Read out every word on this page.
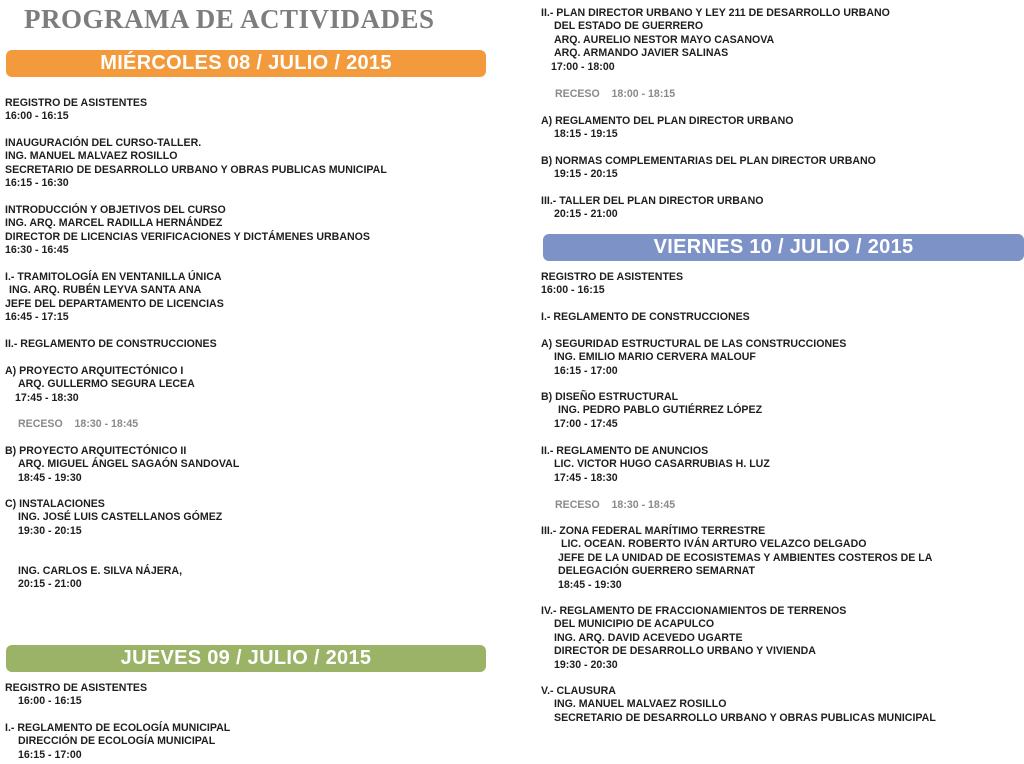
PROGRAMA DE ACTIVIDADES
MIÉRCOLES 08 / JULIO / 2015
JUEVES 09 / JULIO / 2015
VIERNES 10 / JULIO / 2015
REGISTRO DE ASISTENTES
16:00 - 16:15
INAUGURACIÓN DEL CURSO-TALLER.
ING. MANUEL MALVAEZ ROSILLO
SECRETARIO DE DESARROLLO URBANO Y OBRAS PUBLICAS MUNICIPAL
16:15 - 16:30
INTRODUCCIÓN Y OBJETIVOS DEL CURSO
ING. ARQ. MARCEL RADILLA HERNÁNDEZ
DIRECTOR DE LICENCIAS VERIFICACIONES Y DICTÁMENES URBANOS
16:30 - 16:45
I.- TRAMITOLOGÍA EN VENTANILLA ÚNICA
ING. ARQ. RUBÉN LEYVA SANTA ANA
JEFE DEL DEPARTAMENTO DE LICENCIAS
16:45 - 17:15
II.- REGLAMENTO DE CONSTRUCCIONES
A) PROYECTO ARQUITECTÓNICO I
ARQ. GULLERMO SEGURA LECEA
17:45 - 18:30
RECESO 18:30 - 18:45
B) PROYECTO ARQUITECTÓNICO II
ARQ. MIGUEL ÁNGEL SAGAÓN SANDOVAL
18:45 - 19:30
C) INSTALACIONES
ING. JOSÉ LUIS CASTELLANOS GÓMEZ
19:30 - 20:15
ING. CARLOS E. SILVA NÁJERA,
20:15 - 21:00
REGISTRO DE ASISTENTES
16:00 - 16:15
I.- REGLAMENTO DE ECOLOGÍA MUNICIPAL
DIRECCIÓN DE ECOLOGÍA MUNICIPAL
16:15 - 17:00
II.- PLAN DIRECTOR URBANO Y LEY 211 DE DESARROLLO URBANO
DEL ESTADO DE GUERRERO
ARQ. AURELIO NESTOR MAYO CASANOVA
ARQ. ARMANDO JAVIER SALINAS
17:00 - 18:00
RECESO 18:00 - 18:15
A) REGLAMENTO DEL PLAN DIRECTOR URBANO
18:15 - 19:15
B) NORMAS COMPLEMENTARIAS DEL PLAN DIRECTOR URBANO
19:15 - 20:15
III.- TALLER DEL PLAN DIRECTOR URBANO
20:15 - 21:00
REGISTRO DE ASISTENTES
16:00 - 16:15
I.- REGLAMENTO DE CONSTRUCCIONES
A) SEGURIDAD ESTRUCTURAL DE LAS CONSTRUCCIONES
ING. EMILIO MARIO CERVERA MALOUF
16:15 - 17:00
B) DISEÑO ESTRUCTURAL
ING. PEDRO PABLO GUTIÉRREZ LÓPEZ
17:00 - 17:45
II.- REGLAMENTO DE ANUNCIOS
LIC. VICTOR HUGO CASARRUBIAS H. LUZ
17:45 - 18:30
RECESO 18:30 - 18:45
III.- ZONA FEDERAL MARÍTIMO TERRESTRE
LIC. OCEAN. ROBERTO IVÁN ARTURO VELAZCO DELGADO
JEFE DE LA UNIDAD DE ECOSISTEMAS Y AMBIENTES COSTEROS DE LA
DELEGACIÓN GUERRERO SEMARNAT
18:45 - 19:30
IV.- REGLAMENTO DE FRACCIONAMIENTOS DE TERRENOS
DEL MUNICIPIO DE ACAPULCO
ING. ARQ. DAVID ACEVEDO UGARTE
DIRECTOR DE DESARROLLO URBANO Y VIVIENDA
19:30 - 20:30
V.- CLAUSURA
ING. MANUEL MALVAEZ ROSILLO
SECRETARIO DE DESARROLLO URBANO Y OBRAS PUBLICAS MUNICIPAL
